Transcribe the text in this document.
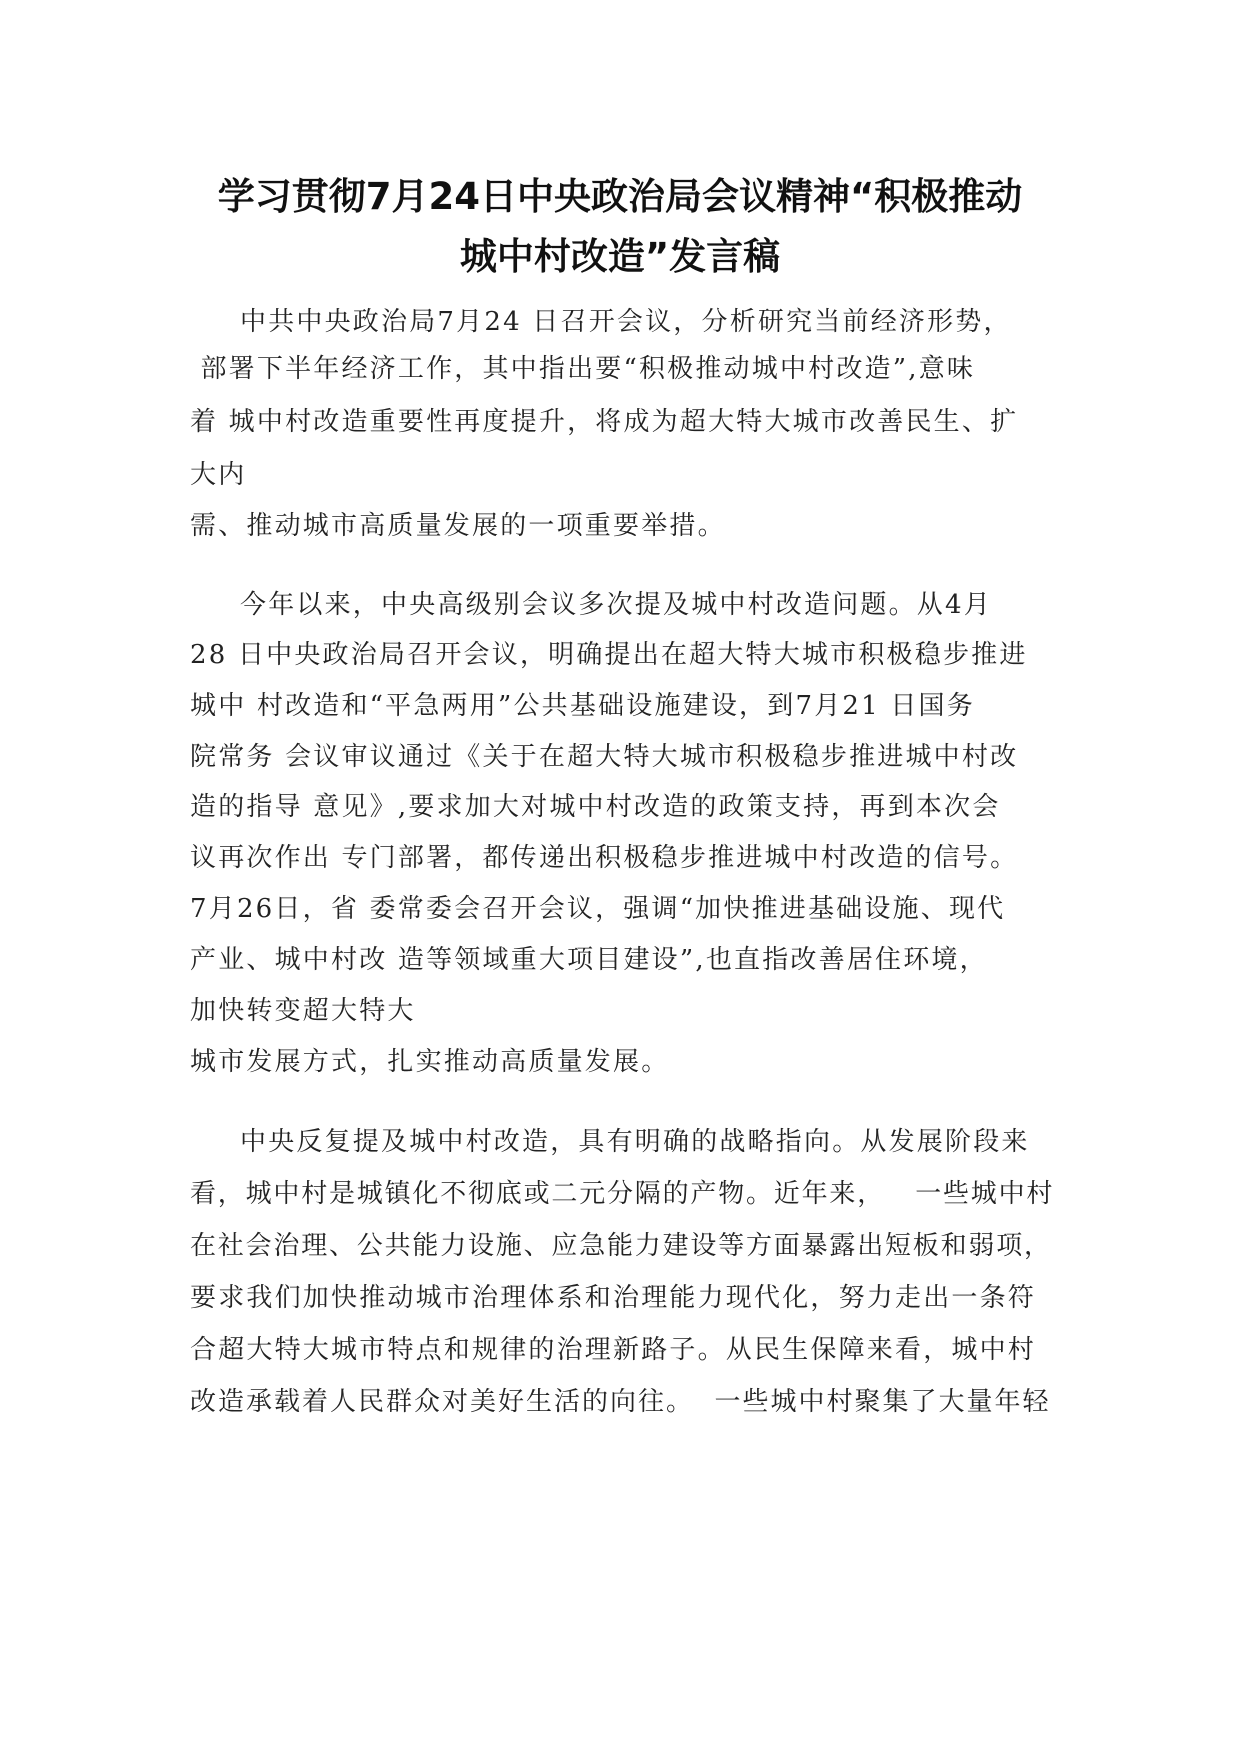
学习贯彻7月24日中央政治局会议精神“积极推动
城中村改造”发言稿
中共中央政治局7月24 日召开会议，分析研究当前经济形势，
部署下半年经济工作，其中指出要“积极推动城中村改造”,意味
着 城中村改造重要性再度提升，将成为超大特大城市改善民生、扩
大内
需、推动城市高质量发展的一项重要举措。
今年以来，中央高级别会议多次提及城中村改造问题。从4月
28 日中央政治局召开会议，明确提出在超大特大城市积极稳步推进
城中 村改造和“平急两用”公共基础设施建设，到7月21 日国务
院常务 会议审议通过《关于在超大特大城市积极稳步推进城中村改
造的指导 意见》,要求加大对城中村改造的政策支持，再到本次会
议再次作出 专门部署，都传递出积极稳步推进城中村改造的信号。
7月26日，省 委常委会召开会议，强调“加快推进基础设施、现代
产业、城中村改 造等领域重大项目建设”,也直指改善居住环境，
加快转变超大特大
城市发展方式，扎实推动高质量发展。
中央反复提及城中村改造，具有明确的战略指向。从发展阶段来
看，城中村是城镇化不彻底或二元分隔的产物。近年来，   一些城中村
在社会治理、公共能力设施、应急能力建设等方面暴露出短板和弱项，
要求我们加快推动城市治理体系和治理能力现代化，努力走出一条符
合超大特大城市特点和规律的治理新路子。从民生保障来看，城中村
改造承载着人民群众对美好生活的向往。  一些城中村聚集了大量年轻
